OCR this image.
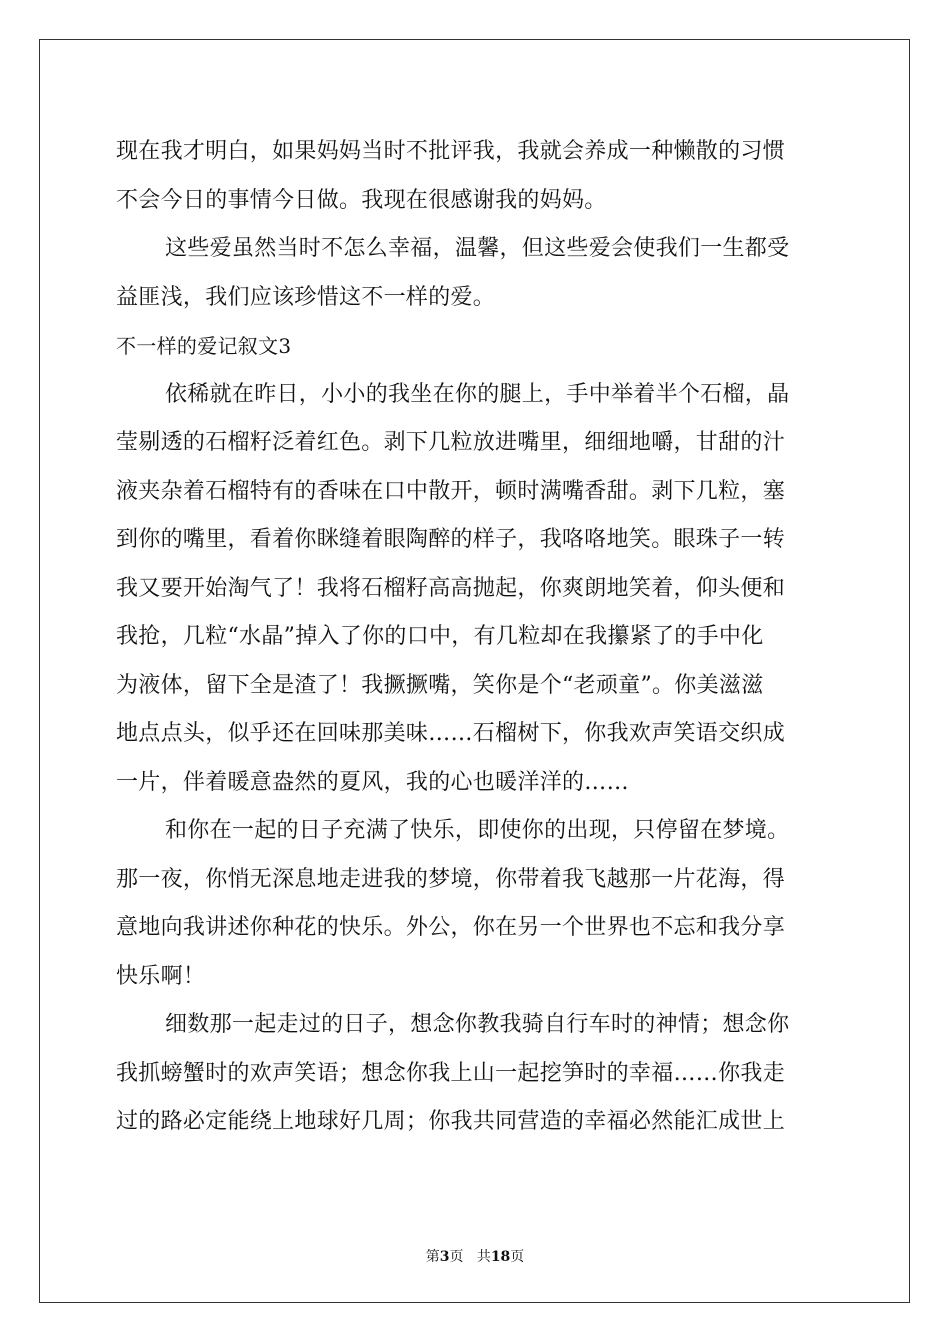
现在我才明白，如果妈妈当时不批评我，我就会养成一种懒散的习惯
不会今日的事情今日做。我现在很感谢我的妈妈。
这些爱虽然当时不怎么幸福，温馨，但这些爱会使我们一生都受
益匪浅，我们应该珍惜这不一样的爱。
不一样的爱记叙文3
依稀就在昨日，小小的我坐在你的腿上，手中举着半个石榴，晶
莹剔透的石榴籽泛着红色。剥下几粒放进嘴里，细细地嚼，甘甜的汁
液夹杂着石榴特有的香味在口中散开，顿时满嘴香甜。剥下几粒，塞
到你的嘴里，看着你眯缝着眼陶醉的样子，我咯咯地笑。眼珠子一转
我又要开始淘气了！我将石榴籽高高抛起，你爽朗地笑着，仰头便和
我抢，几粒“水晶”掉入了你的口中，有几粒却在我攥紧了的手中化
为液体，留下全是渣了！我撅撅嘴，笑你是个“老顽童”。你美滋滋
地点点头，似乎还在回味那美味……石榴树下，你我欢声笑语交织成
一片，伴着暖意盎然的夏风，我的心也暖洋洋的……
和你在一起的日子充满了快乐，即使你的出现，只停留在梦境。
那一夜，你悄无深息地走进我的梦境，你带着我飞越那一片花海，得
意地向我讲述你种花的快乐。外公，你在另一个世界也不忘和我分享
快乐啊！
细数那一起走过的日子，想念你教我骑自行车时的神情；想念你
我抓螃蟹时的欢声笑语；想念你我上山一起挖笋时的幸福……你我走
过的路必定能绕上地球好几周；你我共同营造的幸福必然能汇成世上
第3页 共18页
